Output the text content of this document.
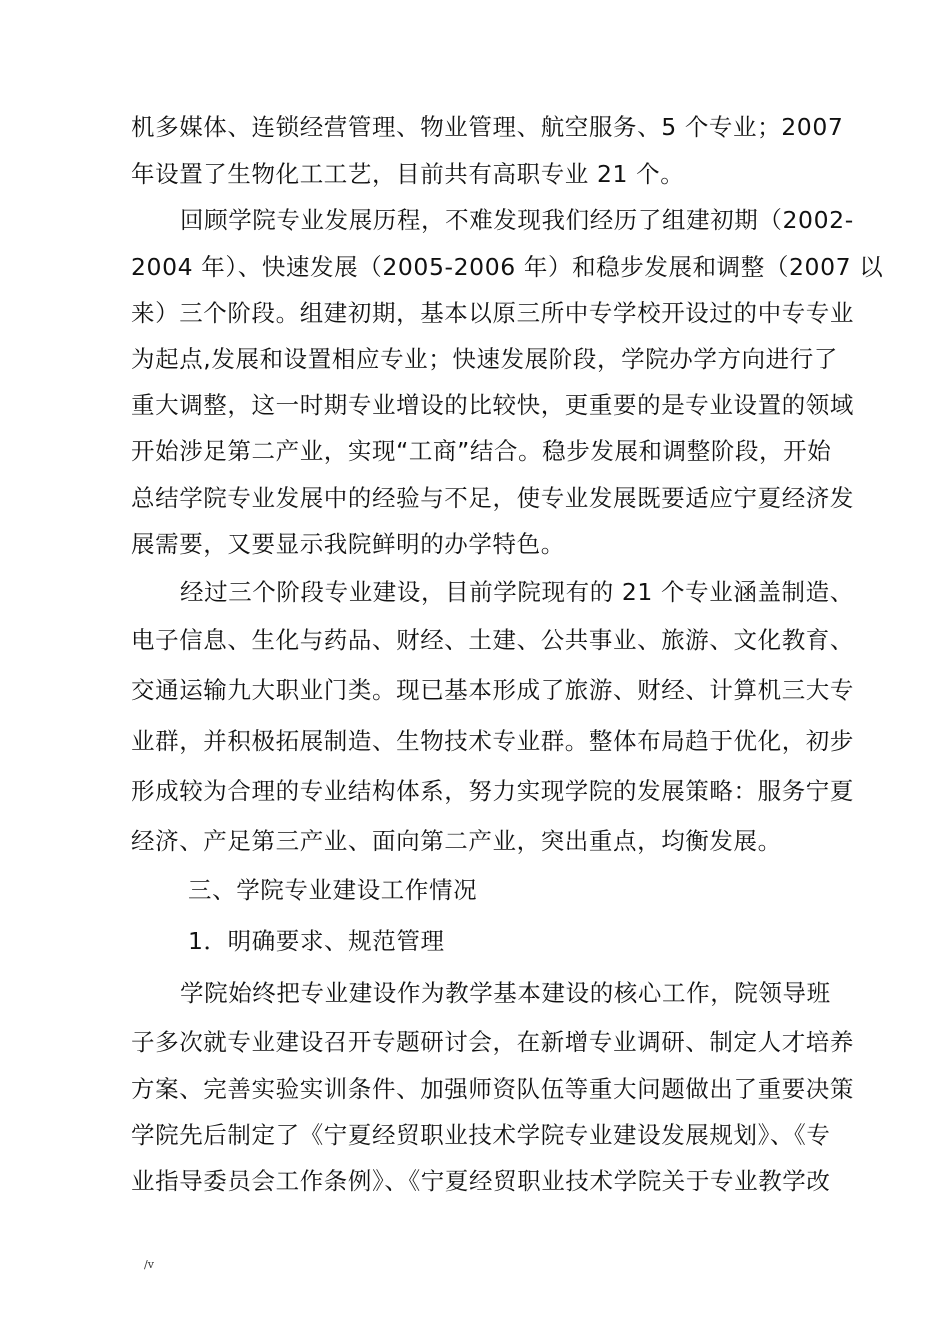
机多媒体、连锁经营管理、物业管理、航空服务、5 个专业；2007
年设置了生物化工工艺，目前共有高职专业 21 个。
回顾学院专业发展历程，不难发现我们经历了组建初期（2002-
2004 年）、快速发展（2005-2006 年）和稳步发展和调整（2007 以
来）三个阶段。组建初期，基本以原三所中专学校开设过的中专专业
为起点,发展和设置相应专业；快速发展阶段，学院办学方向进行了
重大调整，这一时期专业增设的比较快，更重要的是专业设置的领域
开始涉足第二产业，实现“工商”结合。稳步发展和调整阶段，开始
总结学院专业发展中的经验与不足，使专业发展既要适应宁夏经济发
展需要，又要显示我院鲜明的办学特色。
经过三个阶段专业建设，目前学院现有的 21 个专业涵盖制造、
电子信息、生化与药品、财经、土建、公共事业、旅游、文化教育、
交通运输九大职业门类。现已基本形成了旅游、财经、计算机三大专
业群，并积极拓展制造、生物技术专业群。整体布局趋于优化，初步
形成较为合理的专业结构体系，努力实现学院的发展策略：服务宁夏
经济、产足第三产业、面向第二产业，突出重点，均衡发展。
三、学院专业建设工作情况
1．明确要求、规范管理
学院始终把专业建设作为教学基本建设的核心工作，院领导班
子多次就专业建设召开专题研讨会，在新增专业调研、制定人才培养
方案、完善实验实训条件、加强师资队伍等重大问题做出了重要决策
学院先后制定了《宁夏经贸职业技术学院专业建设发展规划》、《专
业指导委员会工作条例》、《宁夏经贸职业技术学院关于专业教学改
/v
